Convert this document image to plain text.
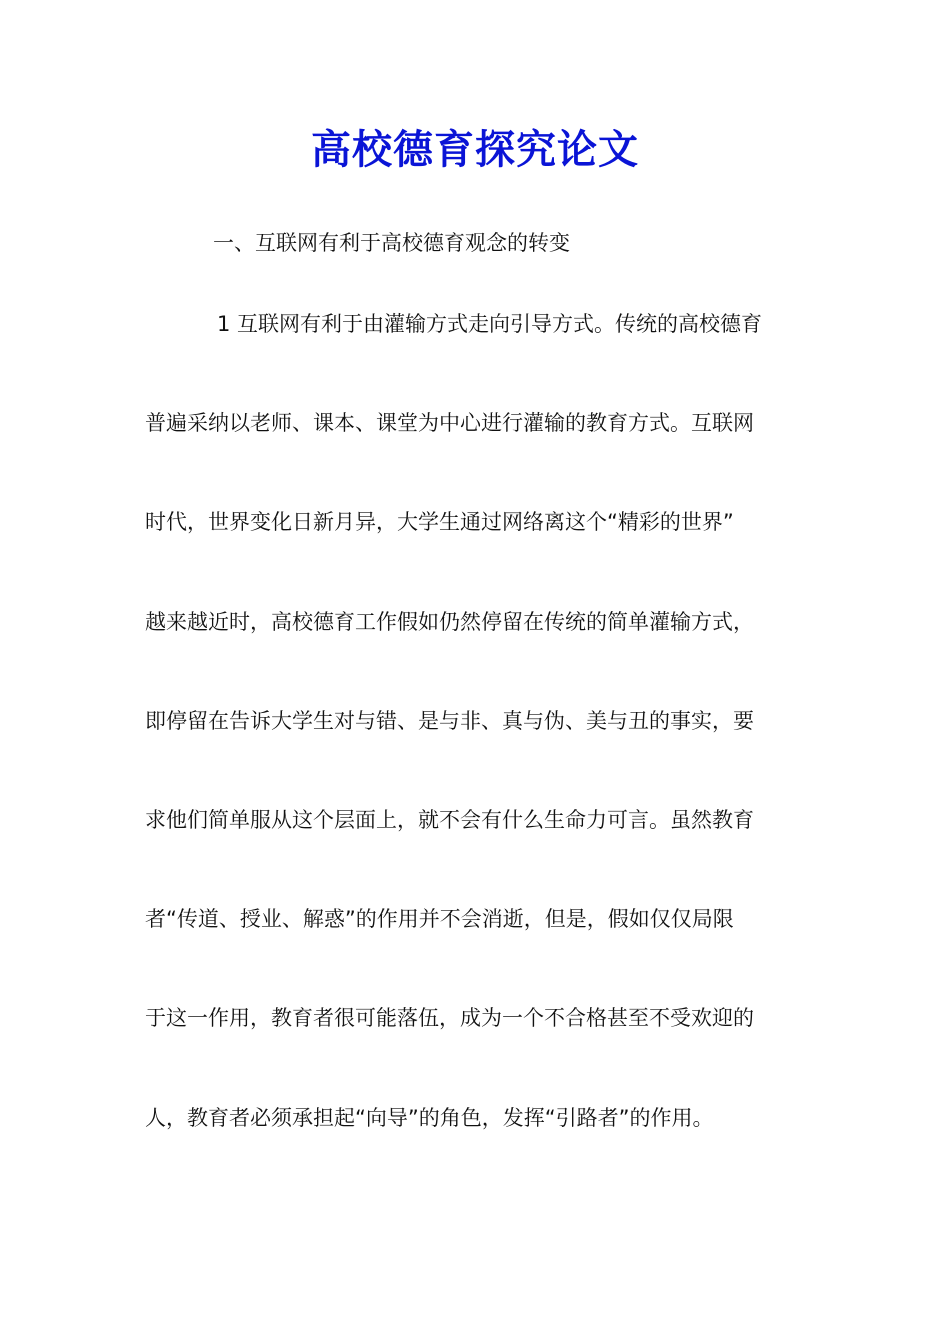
高校德育探究论文
一、互联网有利于高校德育观念的转变
1 互联网有利于由灌输方式走向引导方式。传统的高校德育
普遍采纳以老师、课本、课堂为中心进行灌输的教育方式。互联网
时代，世界变化日新月异，大学生通过网络离这个“精彩的世界”
越来越近时，高校德育工作假如仍然停留在传统的简单灌输方式，
即停留在告诉大学生对与错、是与非、真与伪、美与丑的事实，要
求他们简单服从这个层面上，就不会有什么生命力可言。虽然教育
者“传道、授业、解惑”的作用并不会消逝，但是，假如仅仅局限
于这一作用，教育者很可能落伍，成为一个不合格甚至不受欢迎的
人，教育者必须承担起“向导”的角色，发挥“引路者”的作用。
